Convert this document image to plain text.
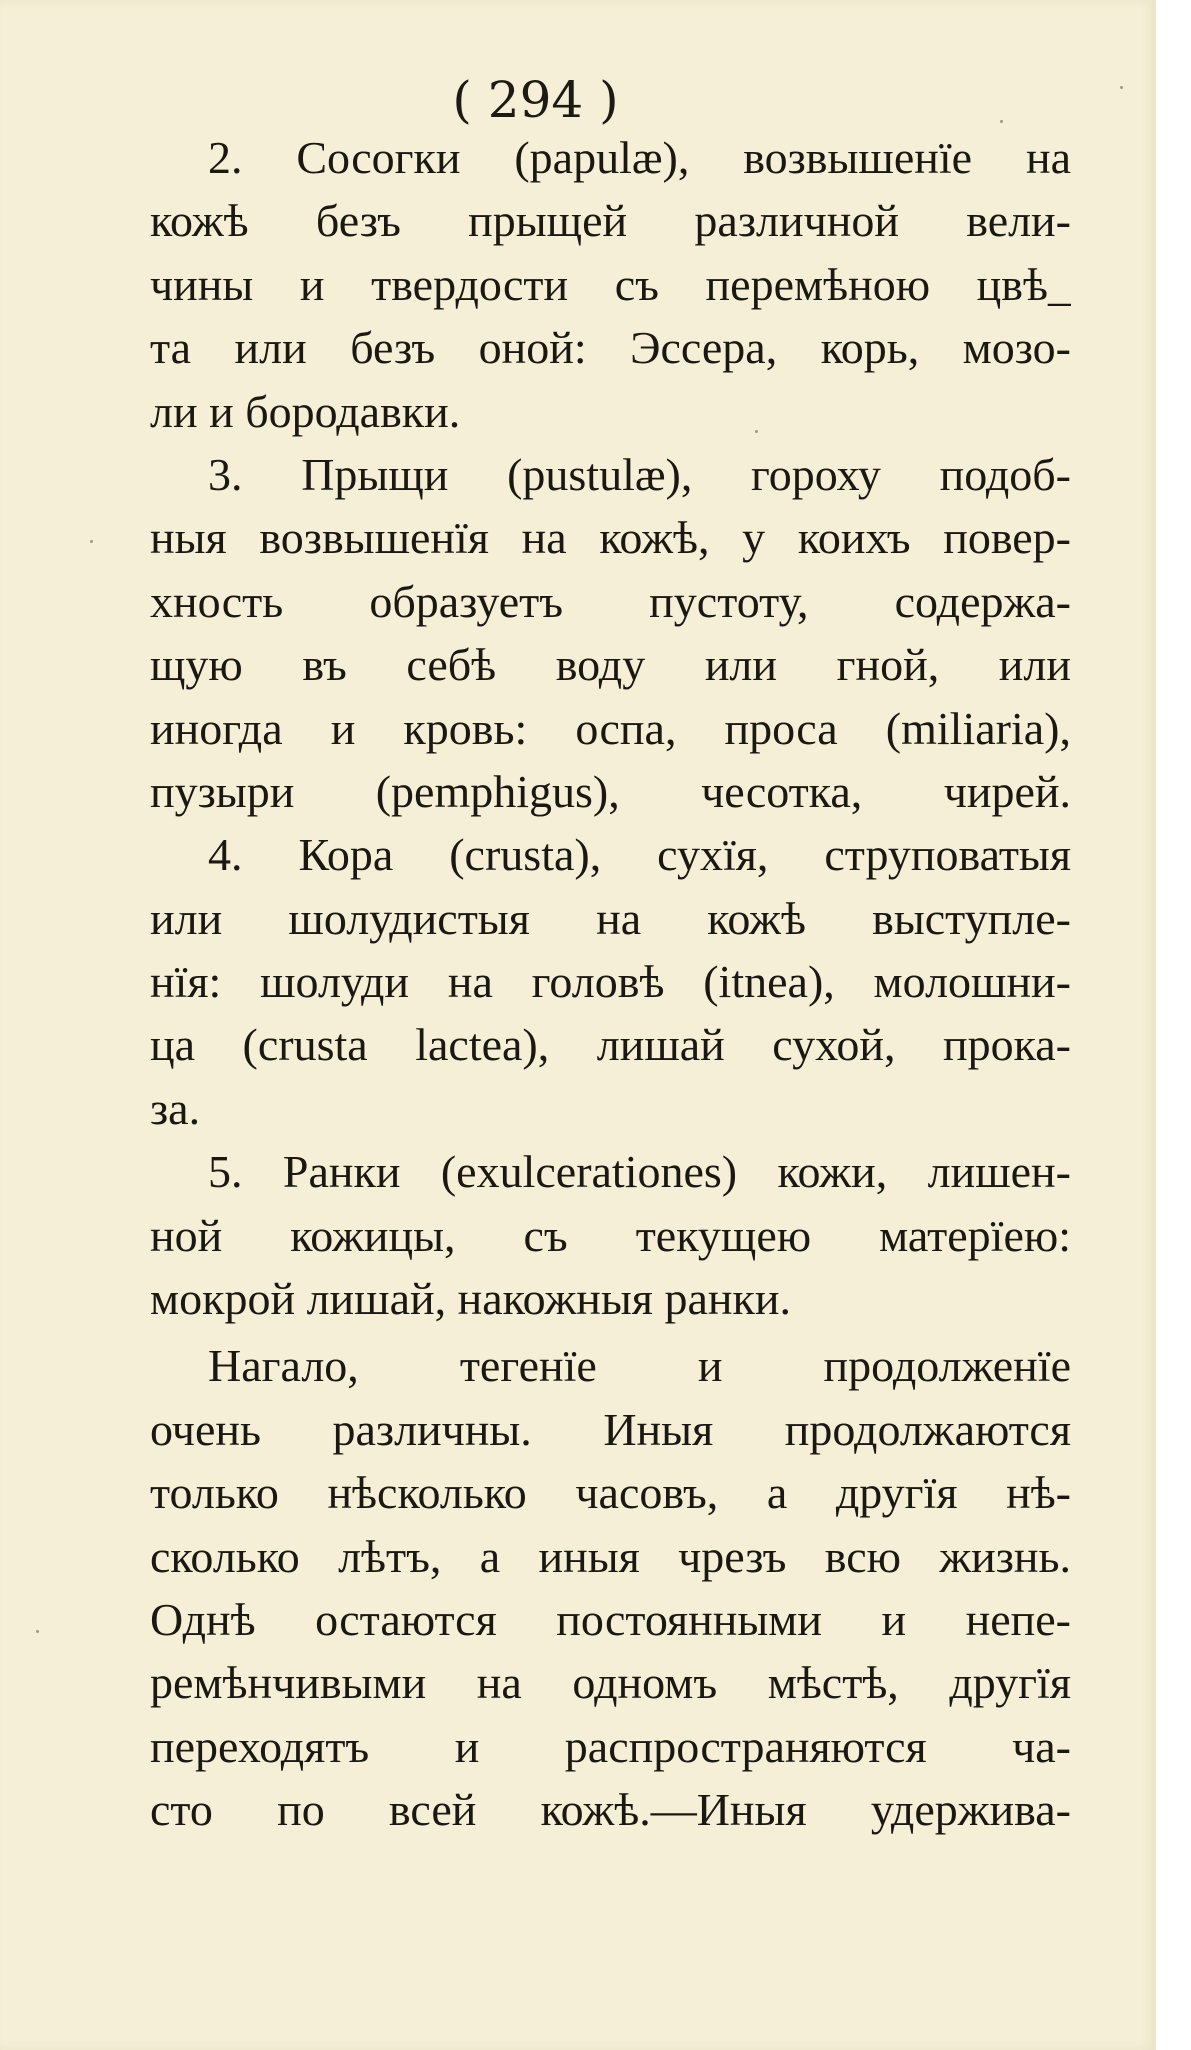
( 294 )
2. Сосогки (papulæ), возвышенїе на
кожѣ безъ прыщей различной вели-
чины и твердости съ перемѣною цвѣ_
та или безъ оной: Эссера, корь, мозо-
ли и бородавки.
3. Прыщи (pustulæ), гороху подоб-
ныя возвышенїя на кожѣ, у коихъ повер-
хность образуетъ пустоту, содержа-
щую въ себѣ воду или гной, или
иногда и кровь: оспа, проса (miliaria),
пузыри (pemphigus), чесотка, чирей.
4. Кора (crusta), сухїя, струповатыя
или шолудистыя на кожѣ выступле-
нїя: шолуди на головѣ (itnea), молошни-
ца (crusta lactea), лишай сухой, прока-
за.
5. Ранки (exulcerationes) кожи, лишен-
ной кожицы, съ текущею матерїею:
мокрой лишай, накожныя ранки.
Нагало, тегенїе и продолженїе
очень различны. Иныя продолжаются
только нѣсколько часовъ, а другїя нѣ-
сколько лѣтъ, а иныя чрезъ всю жизнь.
Однѣ остаются постоянными и непе-
ремѣнчивыми на одномъ мѣстѣ, другїя
переходятъ и распространяются ча-
сто по всей кожѣ.—Иныя удержива-
